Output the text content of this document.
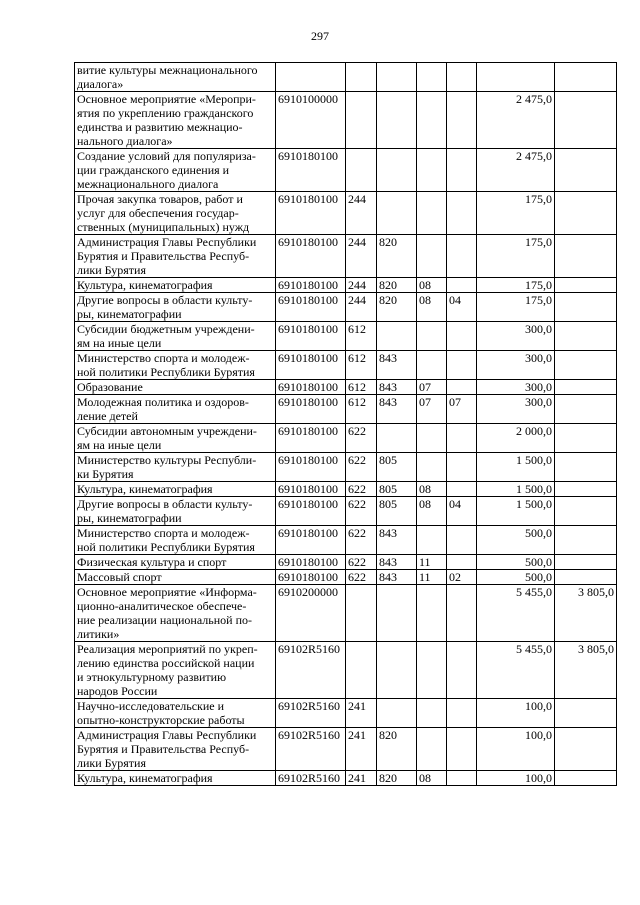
297
витие культуры межнационального
диалога»							

Основное мероприятие «Меропри-
ятия по укреплению гражданского
единства и развитию межнацио-
нального диалога»	6910100000					2 475,0	

Создание условий для популяриза-
ции гражданского единения и
межнационального диалога	6910180100					2 475,0	

Прочая закупка товаров, работ и
услуг для обеспечения государ-
ственных (муниципальных) нужд	6910180100	244				175,0	

Администрация Главы Республики
Бурятия и Правительства Респуб-
лики Бурятия	6910180100	244	820			175,0	

Культура, кинематография	6910180100	244	820	08		175,0	

Другие вопросы в области культу-
ры, кинематографии	6910180100	244	820	08	04	175,0	

Субсидии бюджетным учреждени-
ям на иные цели	6910180100	612				300,0	

Министерство спорта и молодеж-
ной политики Республики Бурятия	6910180100	612	843			300,0	

Образование	6910180100	612	843	07		300,0	

Молодежная политика и оздоров-
ление детей	6910180100	612	843	07	07	300,0	

Субсидии автономным учреждени-
ям на иные цели	6910180100	622				2 000,0	

Министерство культуры Республи-
ки Бурятия	6910180100	622	805			1 500,0	

Культура, кинематография	6910180100	622	805	08		1 500,0	

Другие вопросы в области культу-
ры, кинематографии	6910180100	622	805	08	04	1 500,0	

Министерство спорта и молодеж-
ной политики Республики Бурятия	6910180100	622	843			500,0	

Физическая культура и спорт	6910180100	622	843	11		500,0	

Массовый спорт	6910180100	622	843	11	02	500,0	

Основное мероприятие «Информа-
ционно-аналитическое обеспече-
ние реализации национальной по-
литики»	6910200000					5 455,0	3 805,0

Реализация мероприятий по укреп-
лению единства российской нации
и этнокультурному развитию
народов России	69102R5160					5 455,0	3 805,0

Научно-исследовательские и
опытно-конструкторские работы	69102R5160	241				100,0	

Администрация Главы Республики
Бурятия и Правительства Респуб-
лики Бурятия	69102R5160	241	820			100,0	

Культура, кинематография	69102R5160	241	820	08		100,0	
